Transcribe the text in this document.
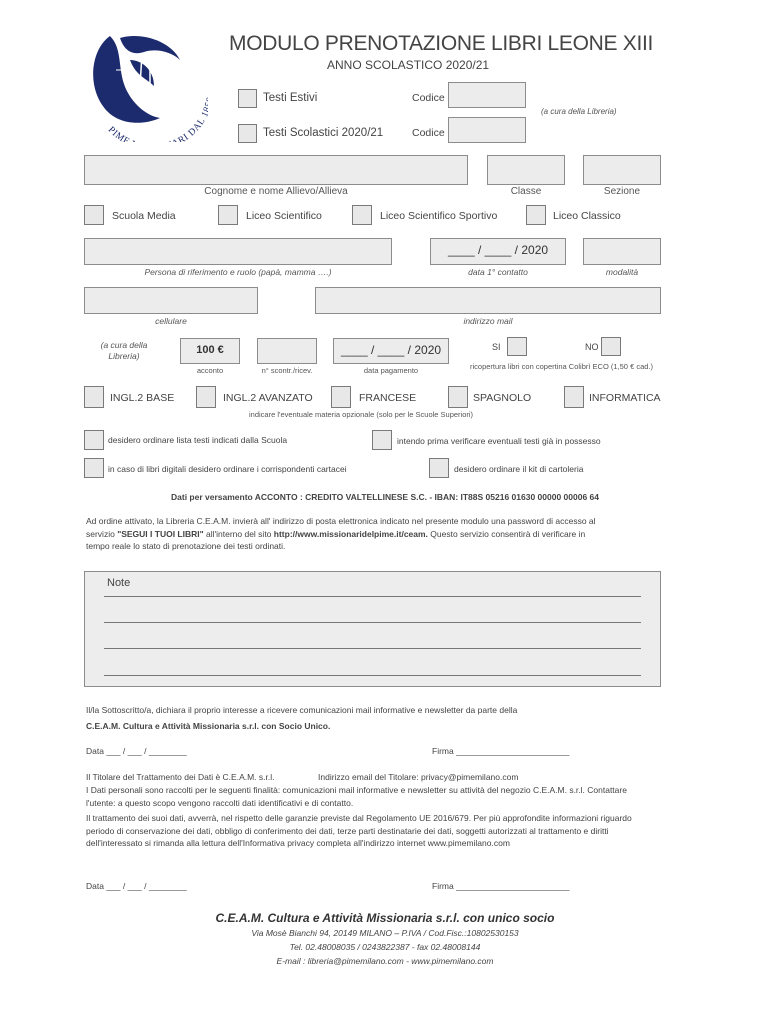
PIME RI DAL
MODULO PRENOTAZIONE LIBRI LEONE XIII
ANNO SCOLASTICO 2020/21
Testi Estivi	Codice
Testi Scolastici 2020/21	Codice
(a cura della Libreria)
Cognome e nome Allievo/Allieva	Classe	Sezione
Scuola Media	Liceo Scientifico	Liceo Scientifico Sportivo	Liceo Classico
____ / ____ / 2020
Persona di riferimento e ruolo (papà, mamma ….)	data 1° contatto	modalità
cellulare	indirizzo mail
(a cura della
Libreria)	100 €	____ / ____ / 2020
acconto	n° scontr./ricev.	data pagamento
SI	NO
ricopertura libri con copertina Colibrì ECO (1,50 € cad.)
INGL.2 BASE	INGL.2 AVANZATO	FRANCESE	SPAGNOLO	INFORMATICA
indicare l'eventuale materia opzionale (solo per le Scuole Superiori)
desidero ordinare lista testi indicati dalla Scuola	intendo prima verificare eventuali testi già in possesso
in caso di libri digitali desidero ordinare i corrispondenti cartacei	desidero ordinare il kit di cartoleria
Dati per versamento ACCONTO : CREDITO VALTELLINESE S.C. - IBAN: IT88S 05216 01630 00000 00006 64
Ad ordine attivato, la Libreria C.E.A.M. invierà all' indirizzo di posta elettronica indicato nel presente modulo una password di accesso al
servizio "SEGUI I TUOI LIBRI" all'interno del sito http://www.missionaridelpime.it/ceam. Questo servizio consentirà di verificare in
tempo reale lo stato di prenotazione dei testi ordinati.
Note
Il/la Sottoscritto/a, dichiara il proprio interesse a ricevere comunicazioni mail informative e newsletter da parte della
C.E.A.M. Cultura e Attività Missionaria s.r.l. con Socio Unico.
Data ___ / ___ / ________	Firma ________________________
Il Titolare del Trattamento dei Dati è C.E.A.M. s.r.l.	Indirizzo email del Titolare: privacy@pimemilano.com
I Dati personali sono raccolti per le seguenti finalità: comunicazioni mail informative e newsletter su attività del negozio C.E.A.M. s.r.l. Contattare l'utente: a questo scopo vengono raccolti dati identificativi e di contatto.
Il trattamento dei suoi dati, avverrà, nel rispetto delle garanzie previste dal Regolamento UE 2016/679. Per più approfondite informazioni riguardo periodo di conservazione dei dati, obbligo di conferimento dei dati, terze parti destinatarie dei dati, soggetti autorizzati al trattamento e diritti dell'interessato si rimanda alla lettura dell'Informativa privacy completa all'indirizzo internet www.pimemilano.com
Data ___ / ___ / ________	Firma ________________________
C.E.A.M. Cultura e Attività Missionaria s.r.l. con unico socio
Via Mosè Bianchi 94, 20149 MILANO – P.IVA / Cod.Fisc.:10802530153
Tel. 02.48008035 / 0243822387 - fax 02.48008144
E-mail : libreria@pimemilano.com - www.pimemilano.com
